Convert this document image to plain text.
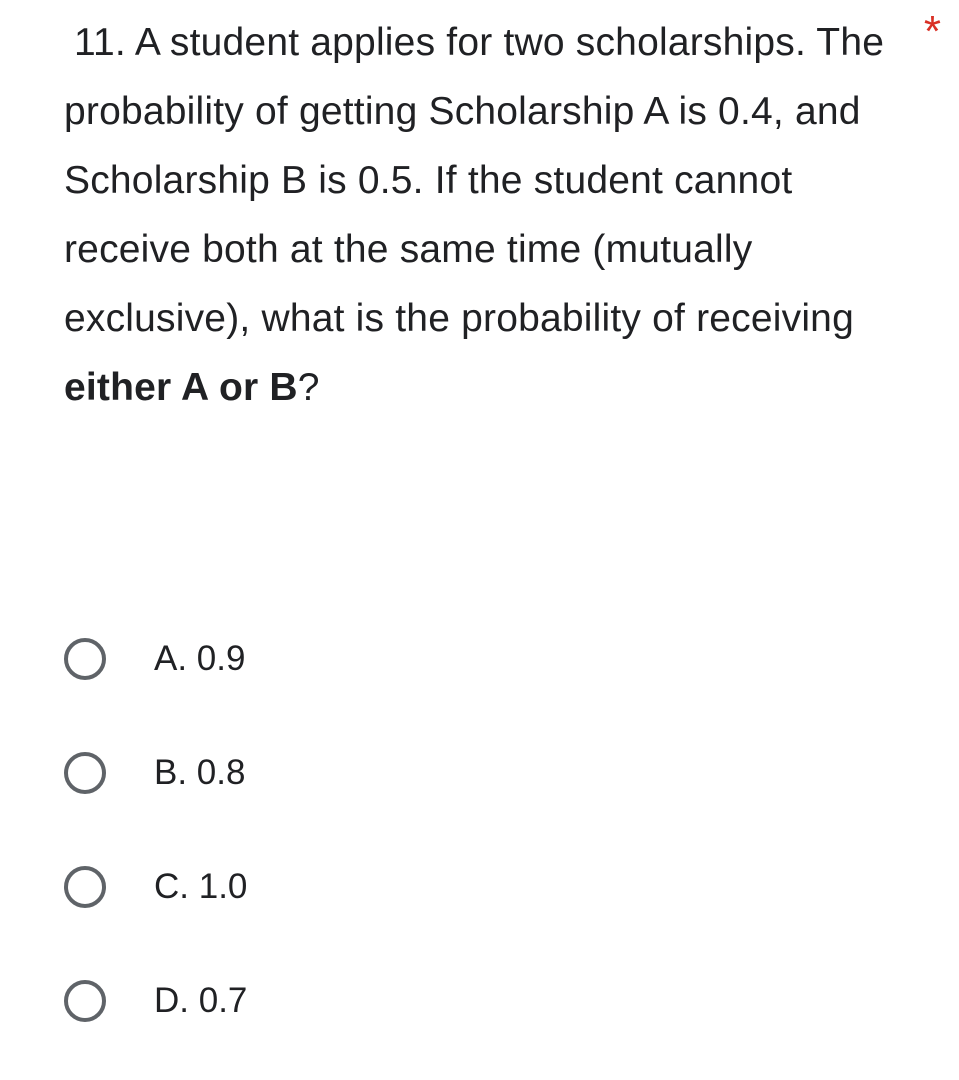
11. A student applies for two scholarships. The probability of getting Scholarship A is 0.4, and Scholarship B is 0.5. If the student cannot receive both at the same time (mutually exclusive), what is the probability of receiving either A or B?
*
A. 0.9
B. 0.8
C. 1.0
D. 0.7
